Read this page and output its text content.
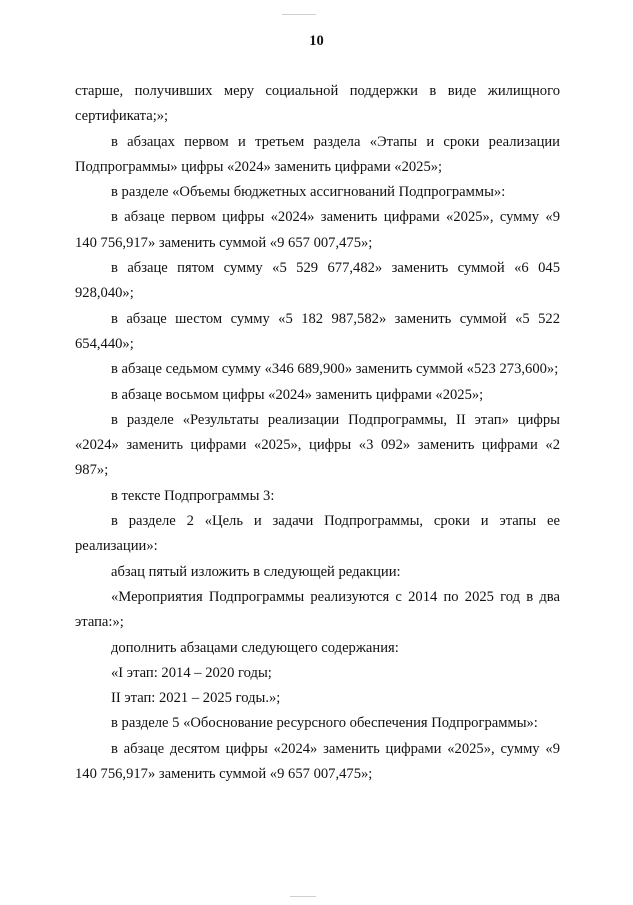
10

старше, получивших меру социальной поддержки в виде жилищного сертификата;»;

в абзацах первом и третьем раздела «Этапы и сроки реализации Подпрограммы» цифры «2024» заменить цифрами «2025»;

в разделе «Объемы бюджетных ассигнований Подпрограммы»:

в абзаце первом цифры «2024» заменить цифрами «2025», сумму «9 140 756,917» заменить суммой «9 657 007,475»;

в абзаце пятом сумму «5 529 677,482» заменить суммой «6 045 928,040»;

в абзаце шестом сумму «5 182 987,582» заменить суммой «5 522 654,440»;

в абзаце седьмом сумму «346 689,900» заменить суммой «523 273,600»;

в абзаце восьмом цифры «2024» заменить цифрами «2025»;

в разделе «Результаты реализации Подпрограммы, II этап» цифры «2024» заменить цифрами «2025», цифры «3 092» заменить цифрами «2 987»;

в тексте Подпрограммы 3:

в разделе 2 «Цель и задачи Подпрограммы, сроки и этапы ее реализации»:

абзац пятый изложить в следующей редакции:

«Мероприятия Подпрограммы реализуются с 2014 по 2025 год в два этапа:»;

дополнить абзацами следующего содержания:

«I этап: 2014 – 2020 годы;

II этап: 2021 – 2025 годы.»;

в разделе 5 «Обоснование ресурсного обеспечения Подпрограммы»:

в абзаце десятом цифры «2024» заменить цифрами «2025», сумму «9 140 756,917» заменить суммой «9 657 007,475»;
